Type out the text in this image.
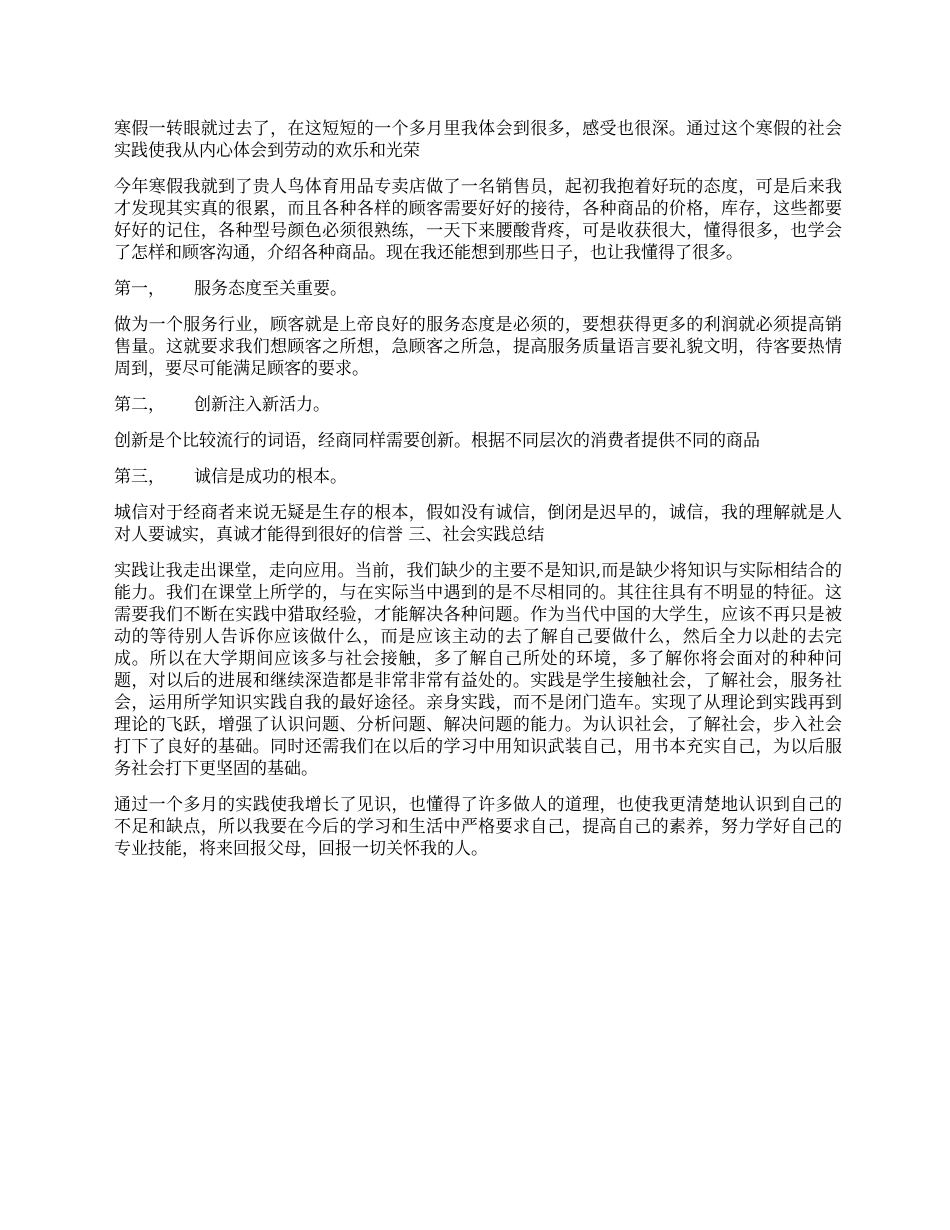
寒假一转眼就过去了，在这短短的一个多月里我体会到很多，感受也很深。通过这个寒假的社会实践使我从内心体会到劳动的欢乐和光荣

今年寒假我就到了贵人鸟体育用品专卖店做了一名销售员，起初我抱着好玩的态度，可是后来我才发现其实真的很累，而且各种各样的顾客需要好好的接待，各种商品的价格，库存，这些都要好好的记住，各种型号颜色必须很熟练，一天下来腰酸背疼，可是收获很大，懂得很多，也学会了怎样和顾客沟通，介绍各种商品。现在我还能想到那些日子，也让我懂得了很多。

第一， 服务态度至关重要。

做为一个服务行业，顾客就是上帝良好的服务态度是必须的，要想获得更多的利润就必须提高销售量。这就要求我们想顾客之所想，急顾客之所急，提高服务质量语言要礼貌文明，待客要热情周到，要尽可能满足顾客的要求。

第二， 创新注入新活力。

创新是个比较流行的词语，经商同样需要创新。根据不同层次的消费者提供不同的商品

第三， 诚信是成功的根本。

城信对于经商者来说无疑是生存的根本，假如没有诚信，倒闭是迟早的，诚信，我的理解就是人对人要诚实，真诚才能得到很好的信誉 三、社会实践总结

实践让我走出课堂，走向应用。当前，我们缺少的主要不是知识,而是缺少将知识与实际相结合的能力。我们在课堂上所学的，与在实际当中遇到的是不尽相同的。其往往具有不明显的特征。这需要我们不断在实践中猎取经验，才能解决各种问题。作为当代中国的大学生，应该不再只是被动的等待别人告诉你应该做什么，而是应该主动的去了解自己要做什么，然后全力以赴的去完成。所以在大学期间应该多与社会接触，多了解自己所处的环境，多了解你将会面对的种种问题，对以后的进展和继续深造都是非常非常有益处的。实践是学生接触社会，了解社会，服务社会，运用所学知识实践自我的最好途径。亲身实践，而不是闭门造车。实现了从理论到实践再到理论的飞跃，增强了认识问题、分析问题、解决问题的能力。为认识社会，了解社会，步入社会打下了良好的基础。同时还需我们在以后的学习中用知识武装自己，用书本充实自己，为以后服务社会打下更坚固的基础。

通过一个多月的实践使我增长了见识，也懂得了许多做人的道理，也使我更清楚地认识到自己的不足和缺点，所以我要在今后的学习和生活中严格要求自己，提高自己的素养，努力学好自己的专业技能，将来回报父母，回报一切关怀我的人。
